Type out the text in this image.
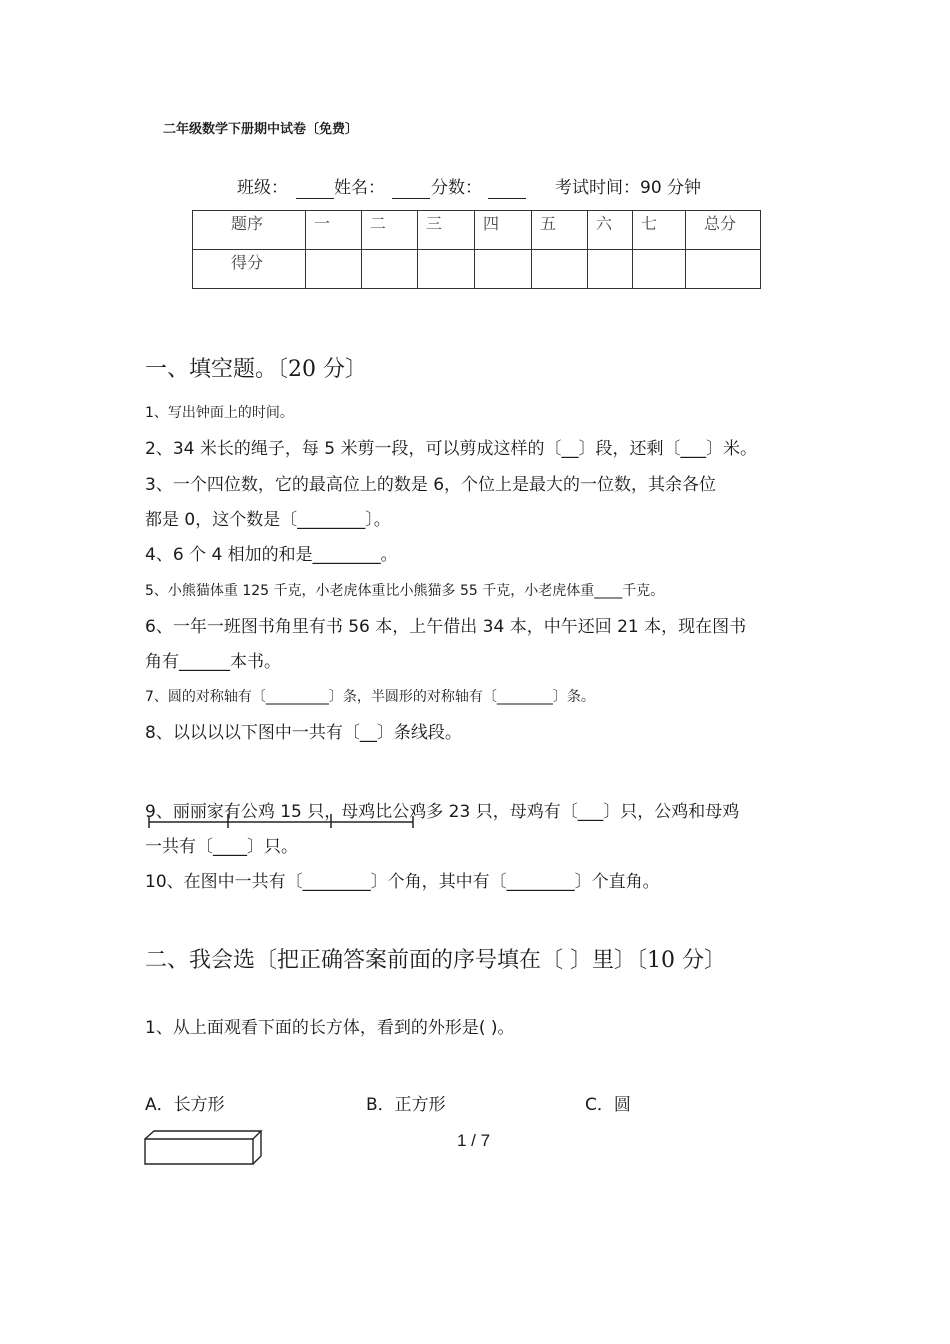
二年级数学下册期中试卷〔免费〕
班级：	姓名：	分数：	考试时间：90 分钟
题序	一	二	三	四	五	六	七	总分
得分								
一、填空题。〔20 分〕
1、写出钟面上的时间。
2、34 米长的绳子，每 5 米剪一段，可以剪成这样的〔__〕段，还剩〔___〕米。
3、一个四位数，它的最高位上的数是 6，个位上是最大的一位数，其余各位
都是 0，这个数是〔________〕。
4、6 个 4 相加的和是________。
5、小熊猫体重 125 千克，小老虎体重比小熊猫多 55 千克，小老虎体重____千克。
6、一年一班图书角里有书 56 本，上午借出 34 本，中午还回 21 本，现在图书
角有______本书。
7、圆的对称轴有〔_________〕条，半圆形的对称轴有〔________〕条。
8、以以以以下图中一共有〔__〕条线段。
9、丽丽家有公鸡 15 只，母鸡比公鸡多 23 只，母鸡有〔___〕只，公鸡和母鸡
一共有〔____〕只。
10、在图中一共有〔________〕个角，其中有〔________〕个直角。
二、我会选〔把正确答案前面的序号填在〔 〕里〕〔10 分〕
1、从上面观看下面的长方体，看到的外形是( )。
A．长方形	B．正方形	C．圆
1 / 7
